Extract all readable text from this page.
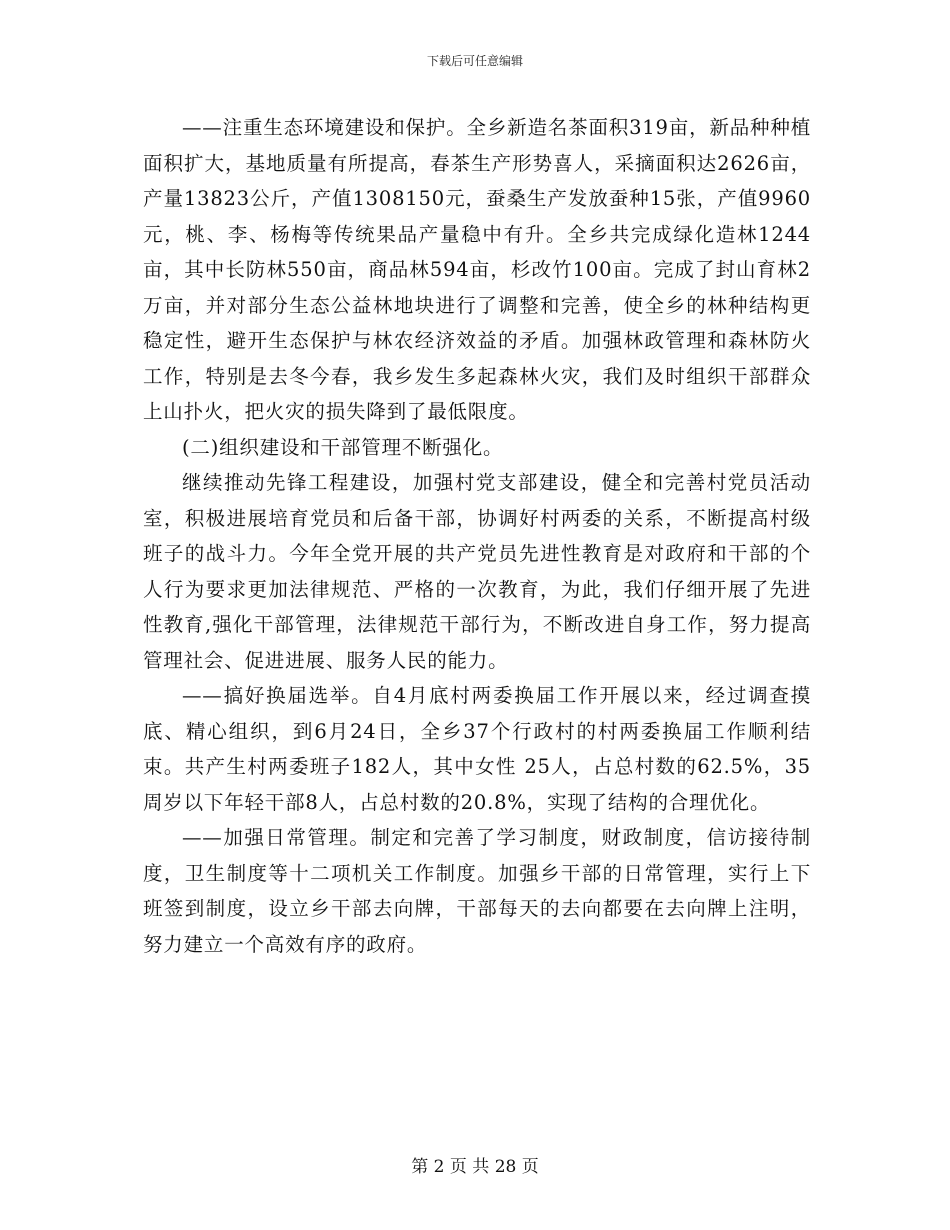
下载后可任意编辑

——注重生态环境建设和保护。全乡新造名茶面积319亩，新品种种植面积扩大，基地质量有所提高，春茶生产形势喜人，采摘面积达2626亩，产量13823公斤，产值1308150元，蚕桑生产发放蚕种15张，产值9960元，桃、李、杨梅等传统果品产量稳中有升。全乡共完成绿化造林1244亩，其中长防林550亩，商品林594亩，杉改竹100亩。完成了封山育林2万亩，并对部分生态公益林地块进行了调整和完善，使全乡的林种结构更稳定性，避开生态保护与林农经济效益的矛盾。加强林政管理和森林防火工作，特别是去冬今春，我乡发生多起森林火灾，我们及时组织干部群众上山扑火，把火灾的损失降到了最低限度。

(二)组织建设和干部管理不断强化。

继续推动先锋工程建设，加强村党支部建设，健全和完善村党员活动室，积极进展培育党员和后备干部，协调好村两委的关系，不断提高村级班子的战斗力。今年全党开展的共产党员先进性教育是对政府和干部的个人行为要求更加法律规范、严格的一次教育，为此，我们仔细开展了先进性教育,强化干部管理，法律规范干部行为，不断改进自身工作，努力提高管理社会、促进进展、服务人民的能力。

——搞好换届选举。自4月底村两委换届工作开展以来，经过调查摸底、精心组织，到6月24日，全乡37个行政村的村两委换届工作顺利结束。共产生村两委班子182人，其中女性 25人，占总村数的62.5%，35周岁以下年轻干部8人，占总村数的20.8%，实现了结构的合理优化。

——加强日常管理。制定和完善了学习制度，财政制度，信访接待制度，卫生制度等十二项机关工作制度。加强乡干部的日常管理，实行上下班签到制度，设立乡干部去向牌，干部每天的去向都要在去向牌上注明，努力建立一个高效有序的政府。

第 2 页 共 28 页
